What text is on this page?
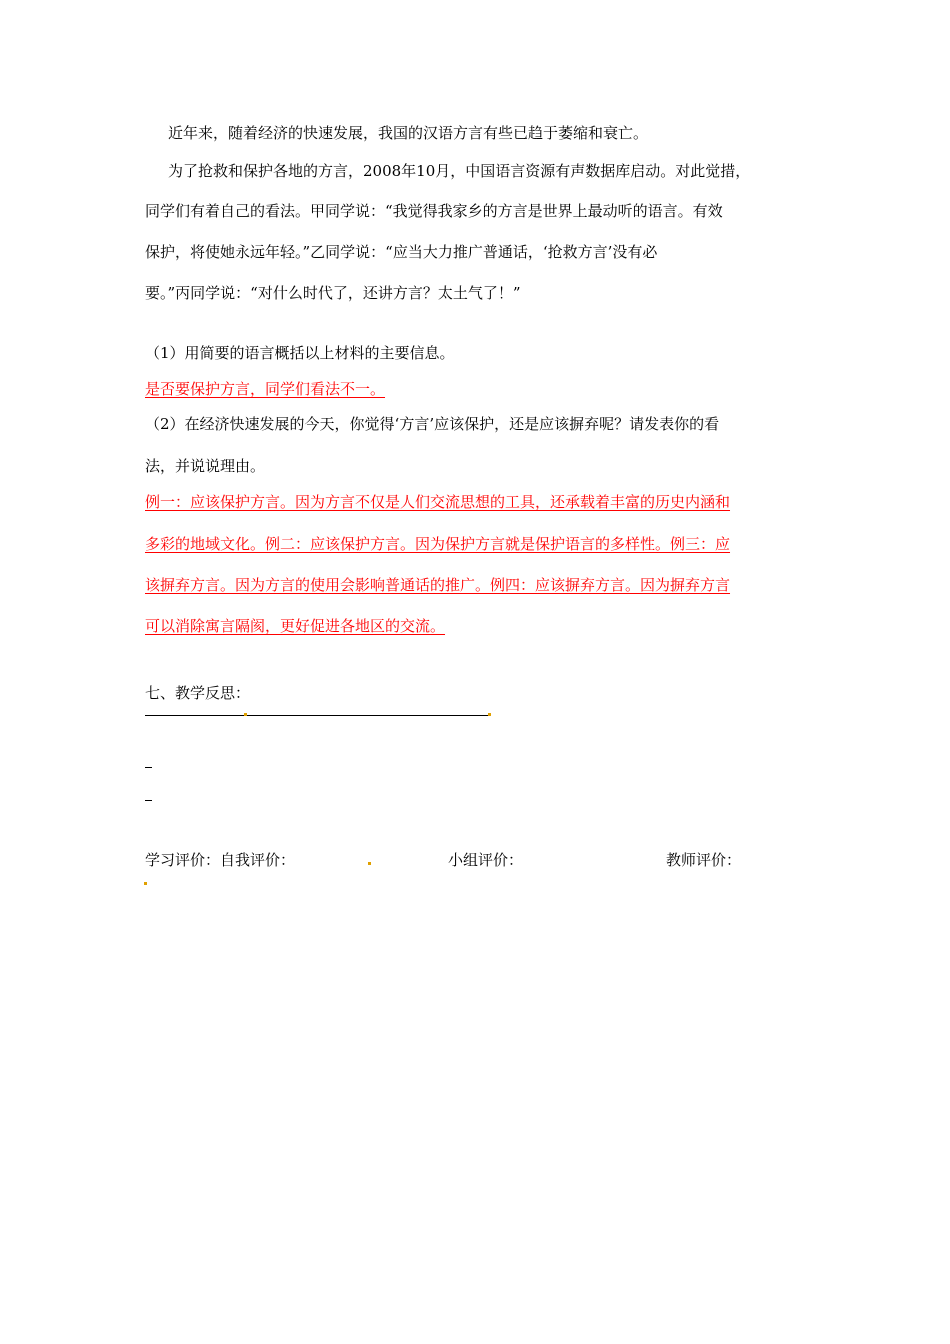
近年来，随着经济的快速发展，我国的汉语方言有些已趋于萎缩和衰亡。
为了抢救和保护各地的方言，2008年10月，中国语言资源有声数据库启动。对此觉措，
同学们有着自己的看法。甲同学说：“我觉得我家乡的方言是世界上最动听的语言。有效
保护，将使她永远年轻。”乙同学说：“应当大力推广普通话，‘抢救方言’没有必
要。”丙同学说：“对什么时代了，还讲方言？太土气了！”
（1）用简要的语言概括以上材料的主要信息。
是否要保护方言，同学们看法不一。
（2）在经济快速发展的今天，你觉得‘方言’应该保护，还是应该摒弃呢？请发表你的看
法，并说说理由。
例一：应该保护方言。因为方言不仅是人们交流思想的工具，还承载着丰富的历史内涵和
多彩的地域文化。例二：应该保护方言。因为保护方言就是保护语言的多样性。例三：应
该摒弃方言。因为方言的使用会影响普通话的推广。例四：应该摒弃方言。因为摒弃方言
可以消除寓言隔阂，更好促进各地区的交流。
七、教学反思：
学习评价：自我评价：	小组评价：	教师评价：
